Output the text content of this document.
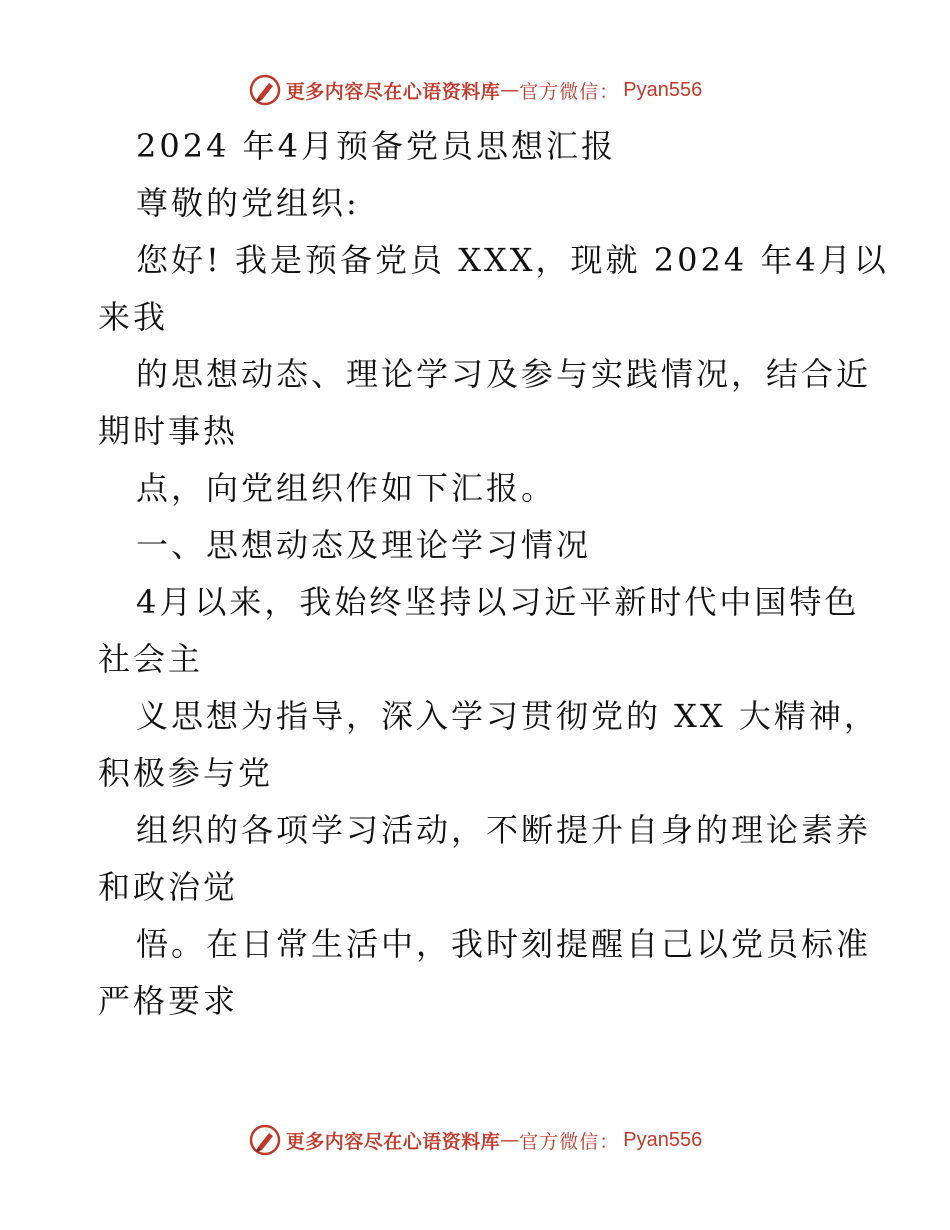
更多内容尽在心语资料库 — 官方微信： Pyan556
2024 年4月预备党员思想汇报
尊敬的党组织:
您好! 我是预备党员 XXX，现就 2024 年4月以
来我
的思想动态、理论学习及参与实践情况，结合近
期时事热
点，向党组织作如下汇报。
一、思想动态及理论学习情况
4月以来，我始终坚持以习近平新时代中国特色
社会主
义思想为指导，深入学习贯彻党的 XX 大精神，
积极参与党
组织的各项学习活动，不断提升自身的理论素养
和政治觉
悟。在日常生活中，我时刻提醒自己以党员标准
严格要求
更多内容尽在心语资料库 — 官方微信： Pyan556
